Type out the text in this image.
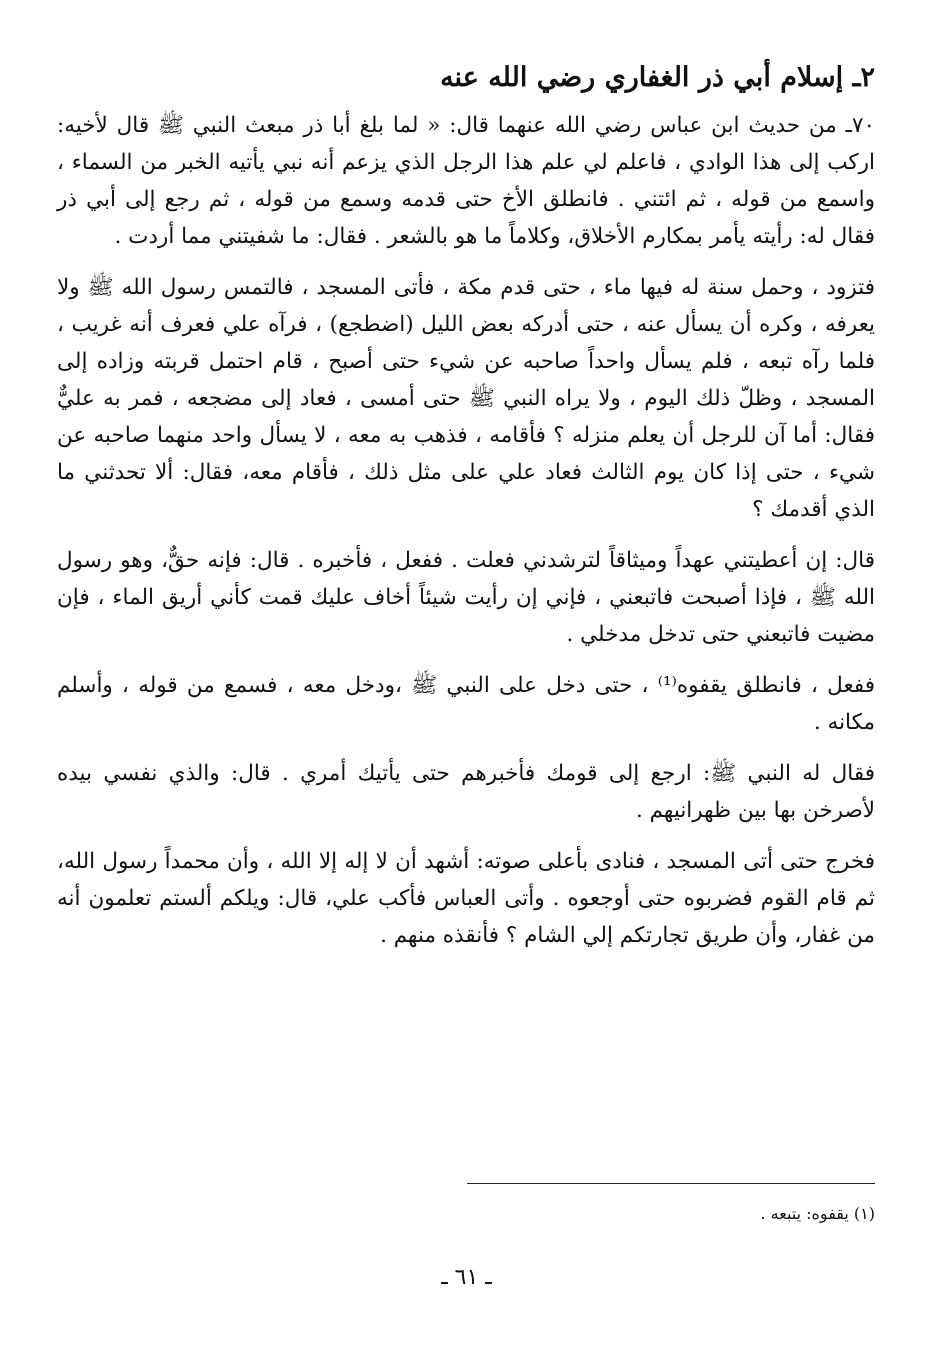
٢ـ إسلام أبي ذر الغفاري رضي الله عنه

٧٠ـ من حديث ابن عباس رضي الله عنهما قال: « لما بلغ أبا ذر مبعث النبي ﷺ قال لأخيه: اركب إلى هذا الوادي ، فاعلم لي علم هذا الرجل الذي يزعم أنه نبي يأتيه الخبر من السماء ، واسمع من قوله ، ثم ائتني . فانطلق الأخ حتى قدمه وسمع من قوله ، ثم رجع إلى أبي ذر فقال له: رأيته يأمر بمكارم الأخلاق، وكلاماً ما هو بالشعر . فقال: ما شفيتني مما أردت .

فتزود ، وحمل سنة له فيها ماء ، حتى قدم مكة ، فأتى المسجد ، فالتمس رسول الله ﷺ ولا يعرفه ، وكره أن يسأل عنه ، حتى أدركه بعض الليل (اضطجع) ، فرآه علي فعرف أنه غريب ، فلما رآه تبعه ، فلم يسأل واحداً صاحبه عن شيء حتى أصبح ، قام احتمل قربته وزاده إلى المسجد ، وظلّ ذلك اليوم ، ولا يراه النبي ﷺ حتى أمسى ، فعاد إلى مضجعه ، فمر به عليٌّ فقال: أما آن للرجل أن يعلم منزله ؟ فأقامه ، فذهب به معه ، لا يسأل واحد منهما صاحبه عن شيء ، حتى إذا كان يوم الثالث فعاد علي على مثل ذلك ، فأقام معه، فقال: ألا تحدثني ما الذي أقدمك ؟

قال: إن أعطيتني عهداً وميثاقاً لترشدني فعلت . ففعل ، فأخبره . قال: فإنه حقٌّ، وهو رسول الله ﷺ ، فإذا أصبحت فاتبعني ، فإني إن رأيت شيئاً أخاف عليك قمت كأني أريق الماء ، فإن مضيت فاتبعني حتى تدخل مدخلي .

ففعل ، فانطلق يقفوه⁽¹⁾ ، حتى دخل على النبي ﷺ ،ودخل معه ، فسمع من قوله ، وأسلم مكانه .

فقال له النبي ﷺ: ارجع إلى قومك فأخبرهم حتى يأتيك أمري . قال: والذي نفسي بيده لأصرخن بها بين ظهرانيهم .

فخرج حتى أتى المسجد ، فنادى بأعلى صوته: أشهد أن لا إله إلا الله ، وأن محمداً رسول الله، ثم قام القوم فضربوه حتى أوجعوه . وأتى العباس فأكب علي، قال: ويلكم ألستم تعلمون أنه من غفار، وأن طريق تجارتكم إلي الشام ؟ فأنقذه منهم .

(١) يقفوه: يتبعه .
ـ ٦١ ـ
